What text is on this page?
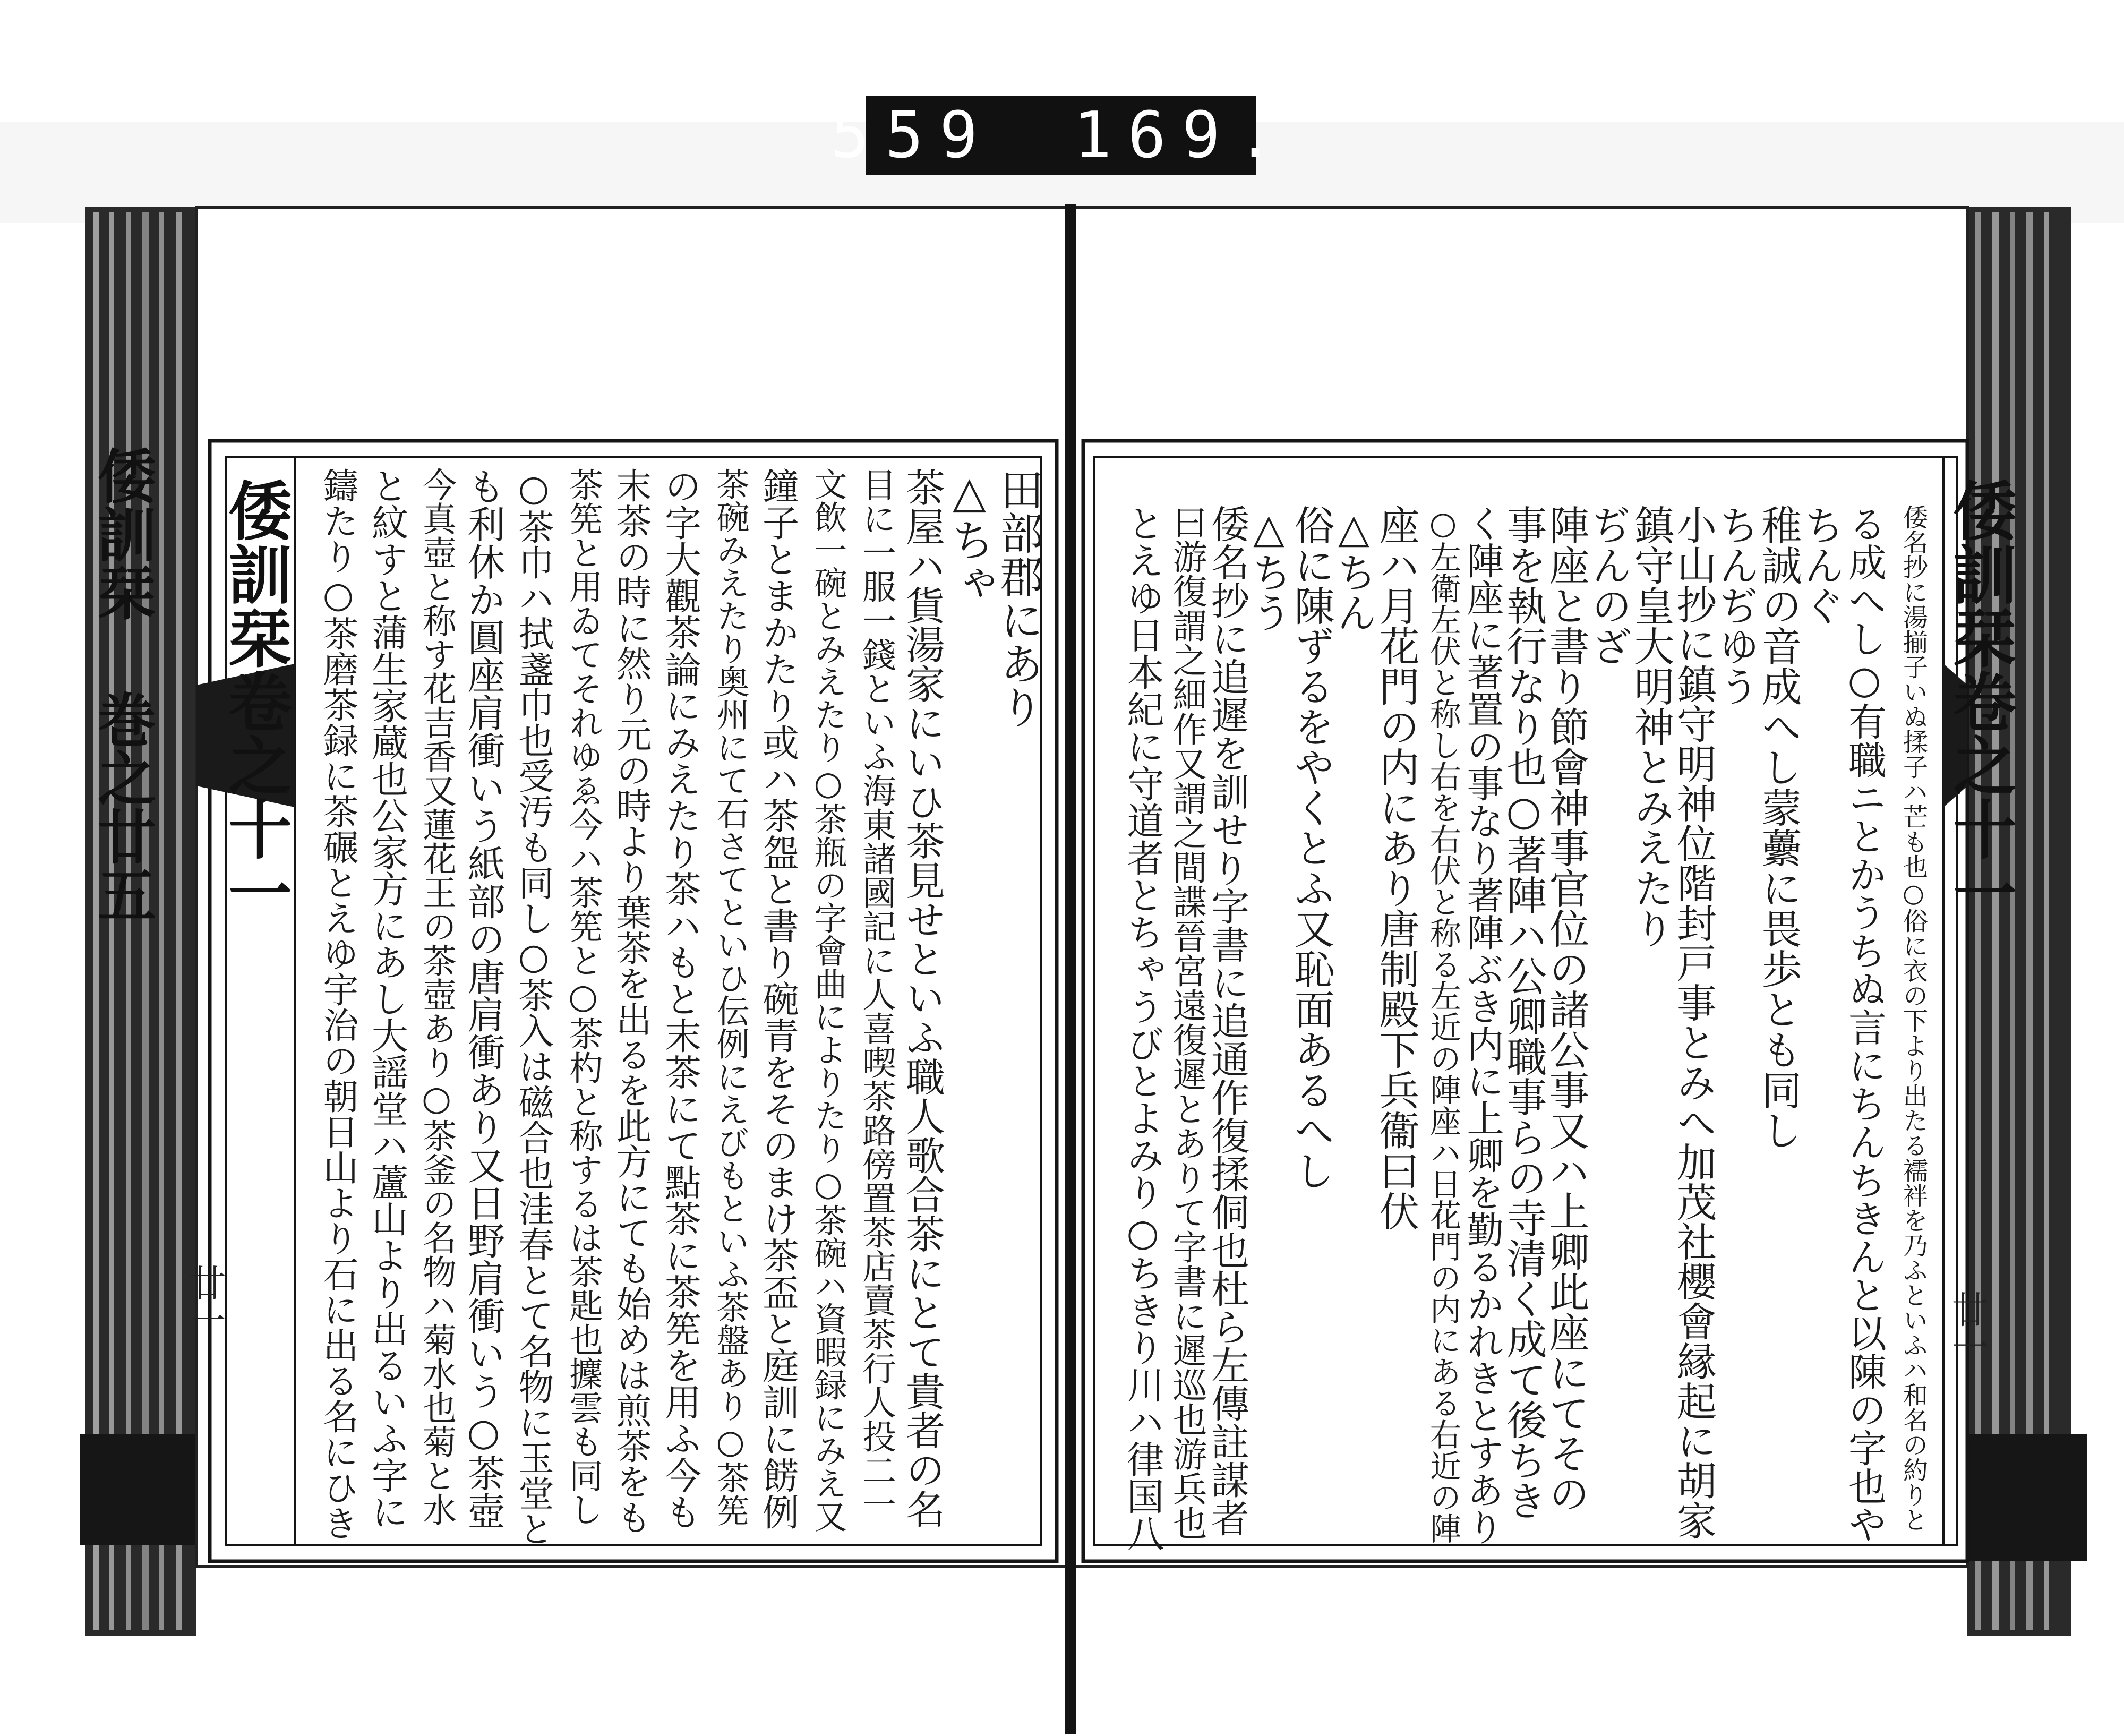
559 169.
倭訓栞卷之十一
廿一
倭訓栞卷之十一
倭訓栞 巻之廿五
廿一	倭名抄に湯揃子いぬ揉子ハ芒も也○俗に衣の下より出たる襦袢を乃ふといふハ和名の約りと
る成へし○有職ニとかうちぬ言にちんちきんと以陳の字也や
ちんぐ
稚誠の音成へし蒙虆に畏歩とも同し
ちんぢゆう
小山抄に鎮守明神位階封戸事とみへ加茂社櫻會縁起に胡家
鎮守皇大明神とみえたり
ぢんのざ
陣座と書り節會神事官位の諸公事又ハ上卿此座にてその
事を執行なり也○著陣ハ公卿職事らの寺清く成て後ちき
く陣座に著置の事なり著陣ぶき内に上卿を勤るかれきとすあり
○左衛左伏と称し右を右伏と称る左近の陣座ハ日花門の内にある右近の陣
座ハ月花門の内にあり唐制殿下兵衞曰伏
△ちん
俗に陳ずるをやくとふ又恥面あるへし
△ちう
倭名抄に追遲を訓せり字書に追通作復揉侗也杜ら左傳註謀者
曰游復謂之細作又謂之間諜晉宮遠復遲とありて字書に遲巡也游兵也
とえゆ日本紀に守道者とちゃうびとよみり○ちきり川ハ律国八
田部郡にあり
△ちゃ
茶屋ハ貨湯家にいひ茶見せといふ職人歌合茶にとて貴者の名
目に一服一錢といふ海東諸國記に人喜喫茶路傍置茶店賣茶行人投二一
文飲一碗とみえたり○茶瓶の字會曲によりたり○茶碗ハ資暇録にみえ又
鐘子とまかたり或ハ茶盌と書り碗青をそのまけ茶盃と庭訓に餝例
茶碗みえたり奥州にて石さてといひ伝例にえびもといふ茶盤あり○茶筅
の字大觀茶論にみえたり茶ハもと末茶にて點茶に茶筅を用ふ今も
末茶の時に然り元の時より葉茶を出るを此方にても始めは煎茶をも
茶筅と用ゐてそれゆゑ今ハ茶筅と○茶杓と称するは茶匙也攈雲も同し
○茶巾ハ拭盞巾也受汚も同し○茶入は磁合也洼春とて名物に玉堂と
も利休か圓座肩衝いう紙部の唐肩衝あり又日野肩衝いう○茶壺
今真壺と称す花吉香又蓮花王の茶壺あり○茶釜の名物ハ菊水也菊と水
と紋すと蒲生家蔵也公家方にあし大謡堂ハ蘆山より出るいふ字に
鑄たり○茶磨茶録に茶碾とえゆ宇治の朝日山より石に出る名にひき
